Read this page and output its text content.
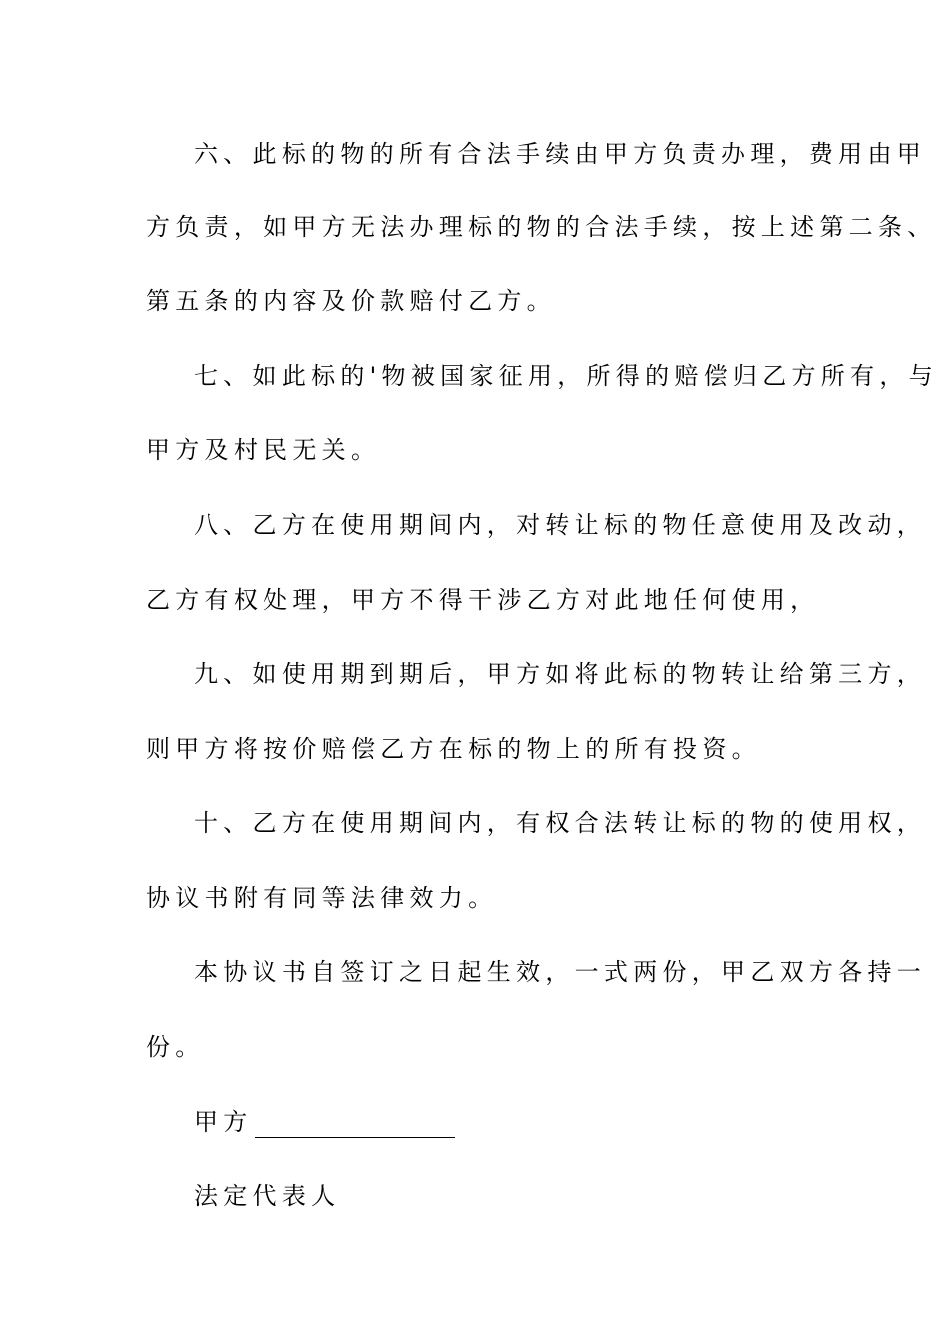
六、此标的物的所有合法手续由甲方负责办理，费用由甲
方负责，如甲方无法办理标的物的合法手续，按上述第二条、
第五条的内容及价款赔付乙方。
七、如此标的'物被国家征用，所得的赔偿归乙方所有，与
甲方及村民无关。
八、乙方在使用期间内，对转让标的物任意使用及改动，
乙方有权处理，甲方不得干涉乙方对此地任何使用，
九、如使用期到期后，甲方如将此标的物转让给第三方，
则甲方将按价赔偿乙方在标的物上的所有投资。
十、乙方在使用期间内，有权合法转让标的物的使用权，
协议书附有同等法律效力。
本协议书自签订之日起生效，一式两份，甲乙双方各持一
份。
甲方
法定代表人
